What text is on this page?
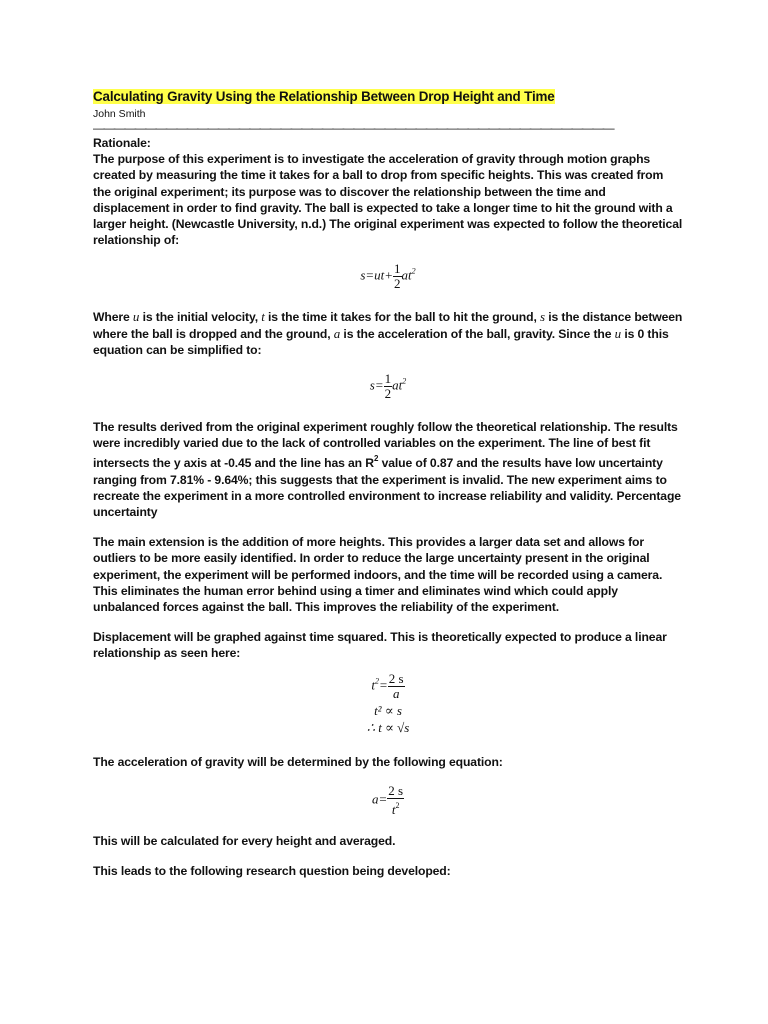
Calculating Gravity Using the Relationship Between Drop Height and Time
John Smith
——————————————————————————————————————————————————

Rationale:

The purpose of this experiment is to investigate the acceleration of gravity through motion graphs created by measuring the time it takes for a ball to drop from specific heights. This was created from the original experiment; its purpose was to discover the relationship between the time and displacement in order to find gravity. The ball is expected to take a longer time to hit the ground with a larger height. (Newcastle University, n.d.) The original experiment was expected to follow the theoretical relationship of:

$s=ut+ \frac{1}{2} at^2$

Where u is the initial velocity, t is the time it takes for the ball to hit the ground, s is the distance between where the ball is dropped and the ground, a is the acceleration of the ball, gravity. Since the u is 0 this equation can be simplified to:

$s= \frac{1}{2} at^2$

The results derived from the original experiment roughly follow the theoretical relationship. The results were incredibly varied due to the lack of controlled variables on the experiment. The line of best fit intersects the y axis at -0.45 and the line has an $R^2$ value of 0.87 and the results have low uncertainty ranging from 7.81% - 9.64%; this suggests that the experiment is invalid. The new experiment aims to recreate the experiment in a more controlled environment to increase reliability and validity. Percentage uncertainty

The main extension is the addition of more heights. This provides a larger data set and allows for outliers to be more easily identified. In order to reduce the large uncertainty present in the original experiment, the experiment will be performed indoors, and the time will be recorded using a camera. This eliminates the human error behind using a timer and eliminates wind which could apply unbalanced forces against the ball. This improves the reliability of the experiment.

Displacement will be graphed against time squared. This is theoretically expected to produce a linear relationship as seen here:

$t^2= \frac{2 s}{a}$
t² ∝ s
∴ t ∝ √s

The acceleration of gravity will be determined by the following equation:

$a= \frac{2 s}{t^2}$

This will be calculated for every height and averaged.

This leads to the following research question being developed:
